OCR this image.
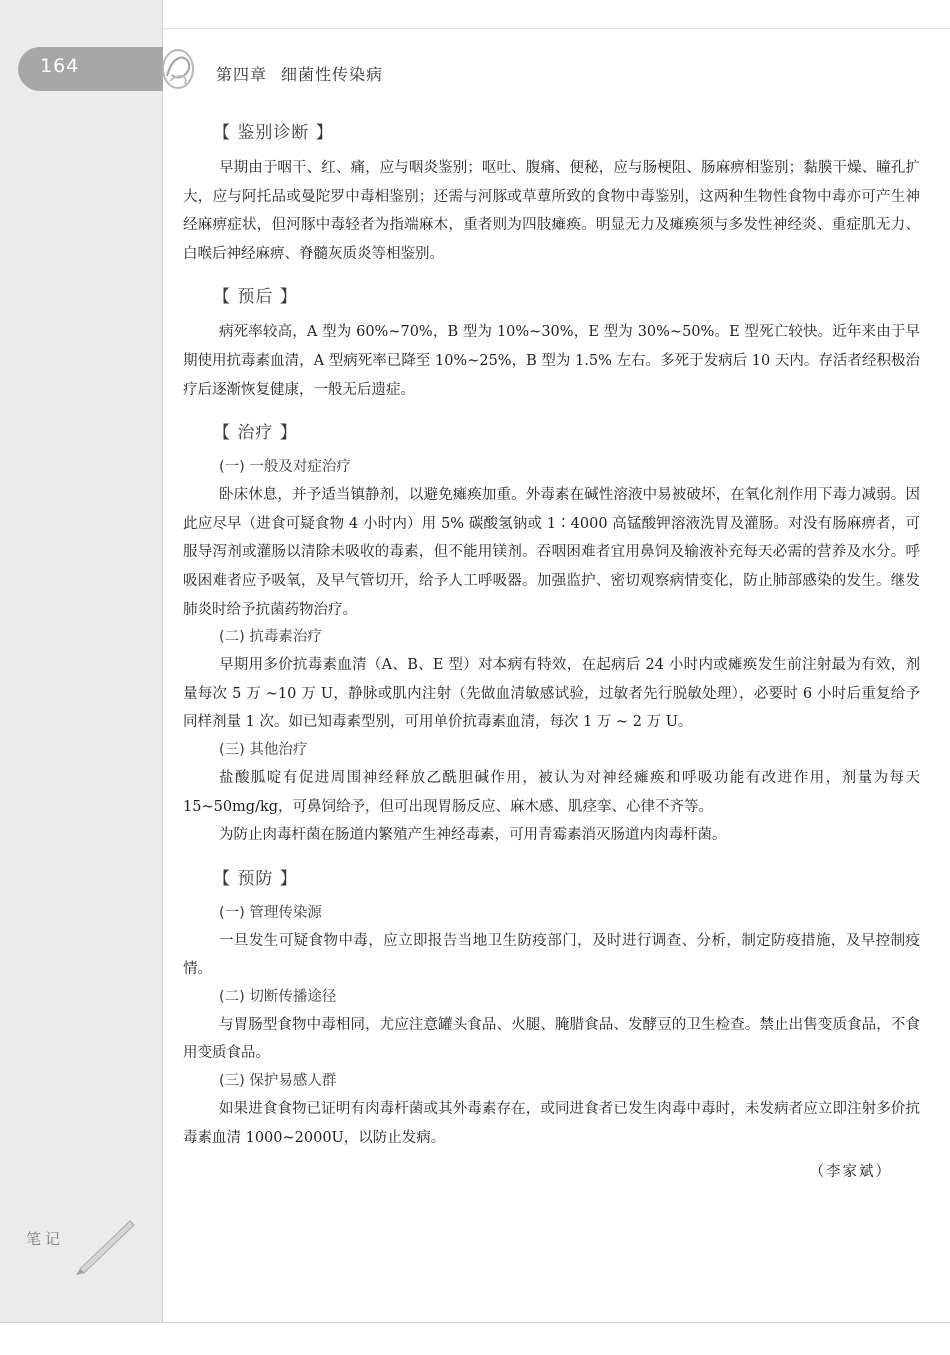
164	第四章 细菌性传染病
【 鉴别诊断 】

早期由于咽干、红、痛，应与咽炎鉴别；呕吐、腹痛、便秘，应与肠梗阻、肠麻痹相鉴别；黏膜干燥、瞳孔扩大，应与阿托品或曼陀罗中毒相鉴别；还需与河豚或草蕈所致的食物中毒鉴别，这两种生物性食物中毒亦可产生神经麻痹症状，但河豚中毒轻者为指端麻木，重者则为四肢瘫痪。明显无力及瘫痪须与多发性神经炎、重症肌无力、白喉后神经麻痹、脊髓灰质炎等相鉴别。

【 预后 】

病死率较高，A 型为 60%~70%，B 型为 10%~30%，E 型为 30%~50%。E 型死亡较快。近年来由于早期使用抗毒素血清，A 型病死率已降至 10%~25%，B 型为 1.5% 左右。多死于发病后 10 天内。存活者经积极治疗后逐渐恢复健康，一般无后遗症。

【 治疗 】
(一) 一般及对症治疗

卧床休息，并予适当镇静剂，以避免瘫痪加重。外毒素在碱性溶液中易被破坏，在氧化剂作用下毒力减弱。因此应尽早（进食可疑食物 4 小时内）用 5% 碳酸氢钠或 1∶4000 高锰酸钾溶液洗胃及灌肠。对没有肠麻痹者，可服导泻剂或灌肠以清除未吸收的毒素，但不能用镁剂。吞咽困难者宜用鼻饲及输液补充每天必需的营养及水分。呼吸困难者应予吸氧，及早气管切开，给予人工呼吸器。加强监护、密切观察病情变化，防止肺部感染的发生。继发肺炎时给予抗菌药物治疗。

(二) 抗毒素治疗

早期用多价抗毒素血清（A、B、E 型）对本病有特效，在起病后 24 小时内或瘫痪发生前注射最为有效，剂量每次 5 万 ~10 万 U，静脉或肌内注射（先做血清敏感试验，过敏者先行脱敏处理），必要时 6 小时后重复给予同样剂量 1 次。如已知毒素型别，可用单价抗毒素血清，每次 1 万 ~ 2 万 U。

(三) 其他治疗

盐酸胍啶有促进周围神经释放乙酰胆碱作用，被认为对神经瘫痪和呼吸功能有改进作用，剂量为每天 15~50mg/kg，可鼻饲给予，但可出现胃肠反应、麻木感、肌痉挛、心律不齐等。

为防止肉毒杆菌在肠道内繁殖产生神经毒素，可用青霉素消灭肠道内肉毒杆菌。

【 预防 】
(一) 管理传染源

一旦发生可疑食物中毒，应立即报告当地卫生防疫部门，及时进行调查、分析，制定防疫措施，及早控制疫情。

(二) 切断传播途径

与胃肠型食物中毒相同，尤应注意罐头食品、火腿、腌腊食品、发酵豆的卫生检查。禁止出售变质食品，不食用变质食品。

(三) 保护易感人群

如果进食食物已证明有肉毒杆菌或其外毒素存在，或同进食者已发生肉毒中毒时，未发病者应立即注射多价抗毒素血清 1000~2000U，以防止发病。

（李家斌）
笔记
